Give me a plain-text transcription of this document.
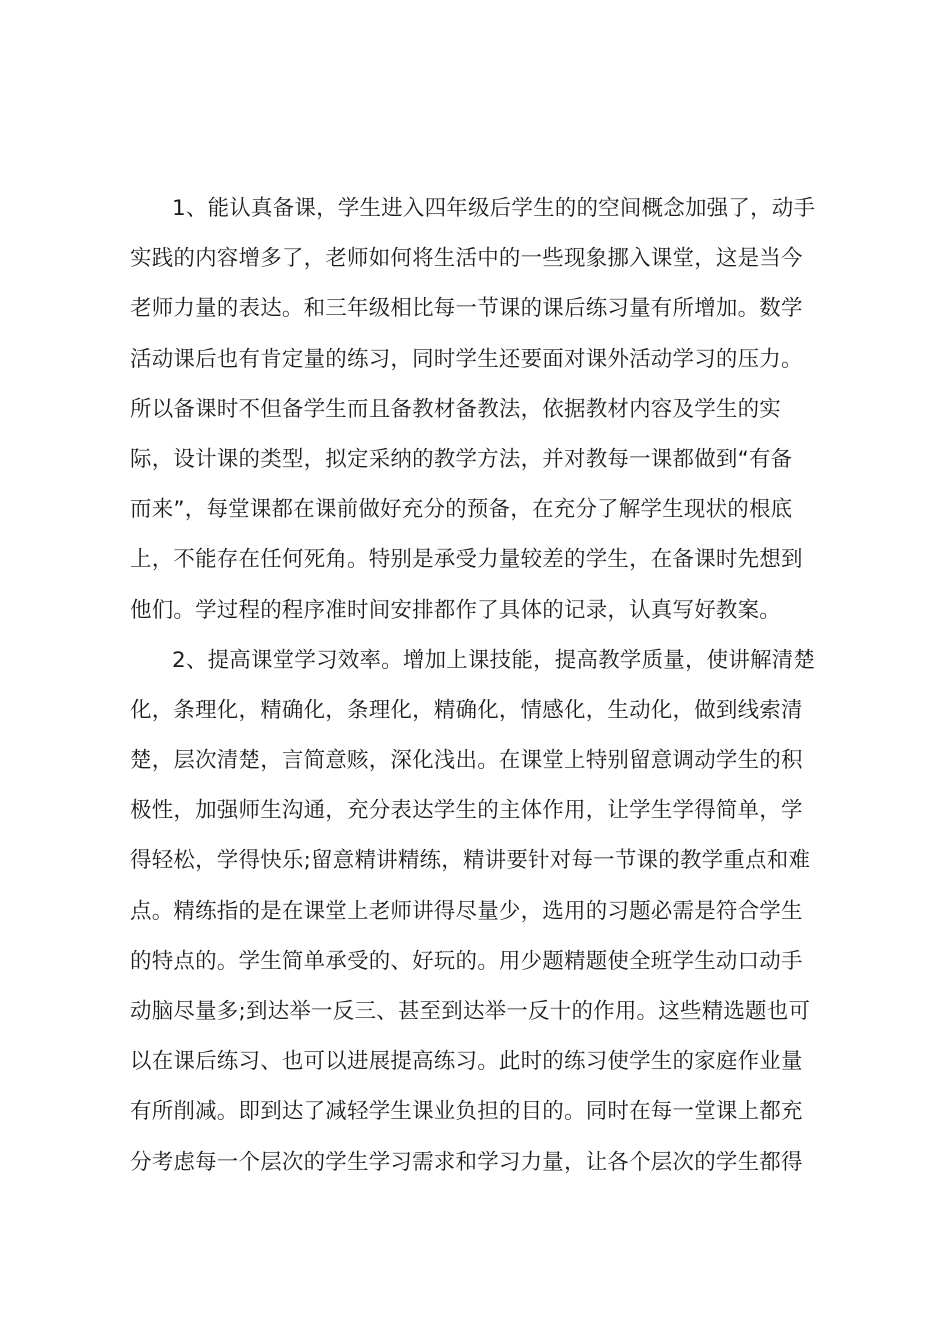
1、能认真备课，学生进入四年级后学生的的空间概念加强了，动手
实践的内容增多了，老师如何将生活中的一些现象挪入课堂，这是当今
老师力量的表达。和三年级相比每一节课的课后练习量有所增加。数学
活动课后也有肯定量的练习，同时学生还要面对课外活动学习的压力。
所以备课时不但备学生而且备教材备教法，依据教材内容及学生的实
际，设计课的类型，拟定采纳的教学方法，并对教每一课都做到“有备
而来”，每堂课都在课前做好充分的预备，在充分了解学生现状的根底
上，不能存在任何死角。特别是承受力量较差的学生，在备课时先想到
他们。学过程的程序准时间安排都作了具体的记录，认真写好教案。
2、提高课堂学习效率。增加上课技能，提高教学质量，使讲解清楚
化，条理化，精确化，条理化，精确化，情感化，生动化，做到线索清
楚，层次清楚，言简意赅，深化浅出。在课堂上特别留意调动学生的积
极性，加强师生沟通，充分表达学生的主体作用，让学生学得简单，学
得轻松，学得快乐;留意精讲精练，精讲要针对每一节课的教学重点和难
点。精练指的是在课堂上老师讲得尽量少，选用的习题必需是符合学生
的特点的。学生简单承受的、好玩的。用少题精题使全班学生动口动手
动脑尽量多;到达举一反三、甚至到达举一反十的作用。这些精选题也可
以在课后练习、也可以进展提高练习。此时的练习使学生的家庭作业量
有所削减。即到达了减轻学生课业负担的目的。同时在每一堂课上都充
分考虑每一个层次的学生学习需求和学习力量，让各个层次的学生都得
